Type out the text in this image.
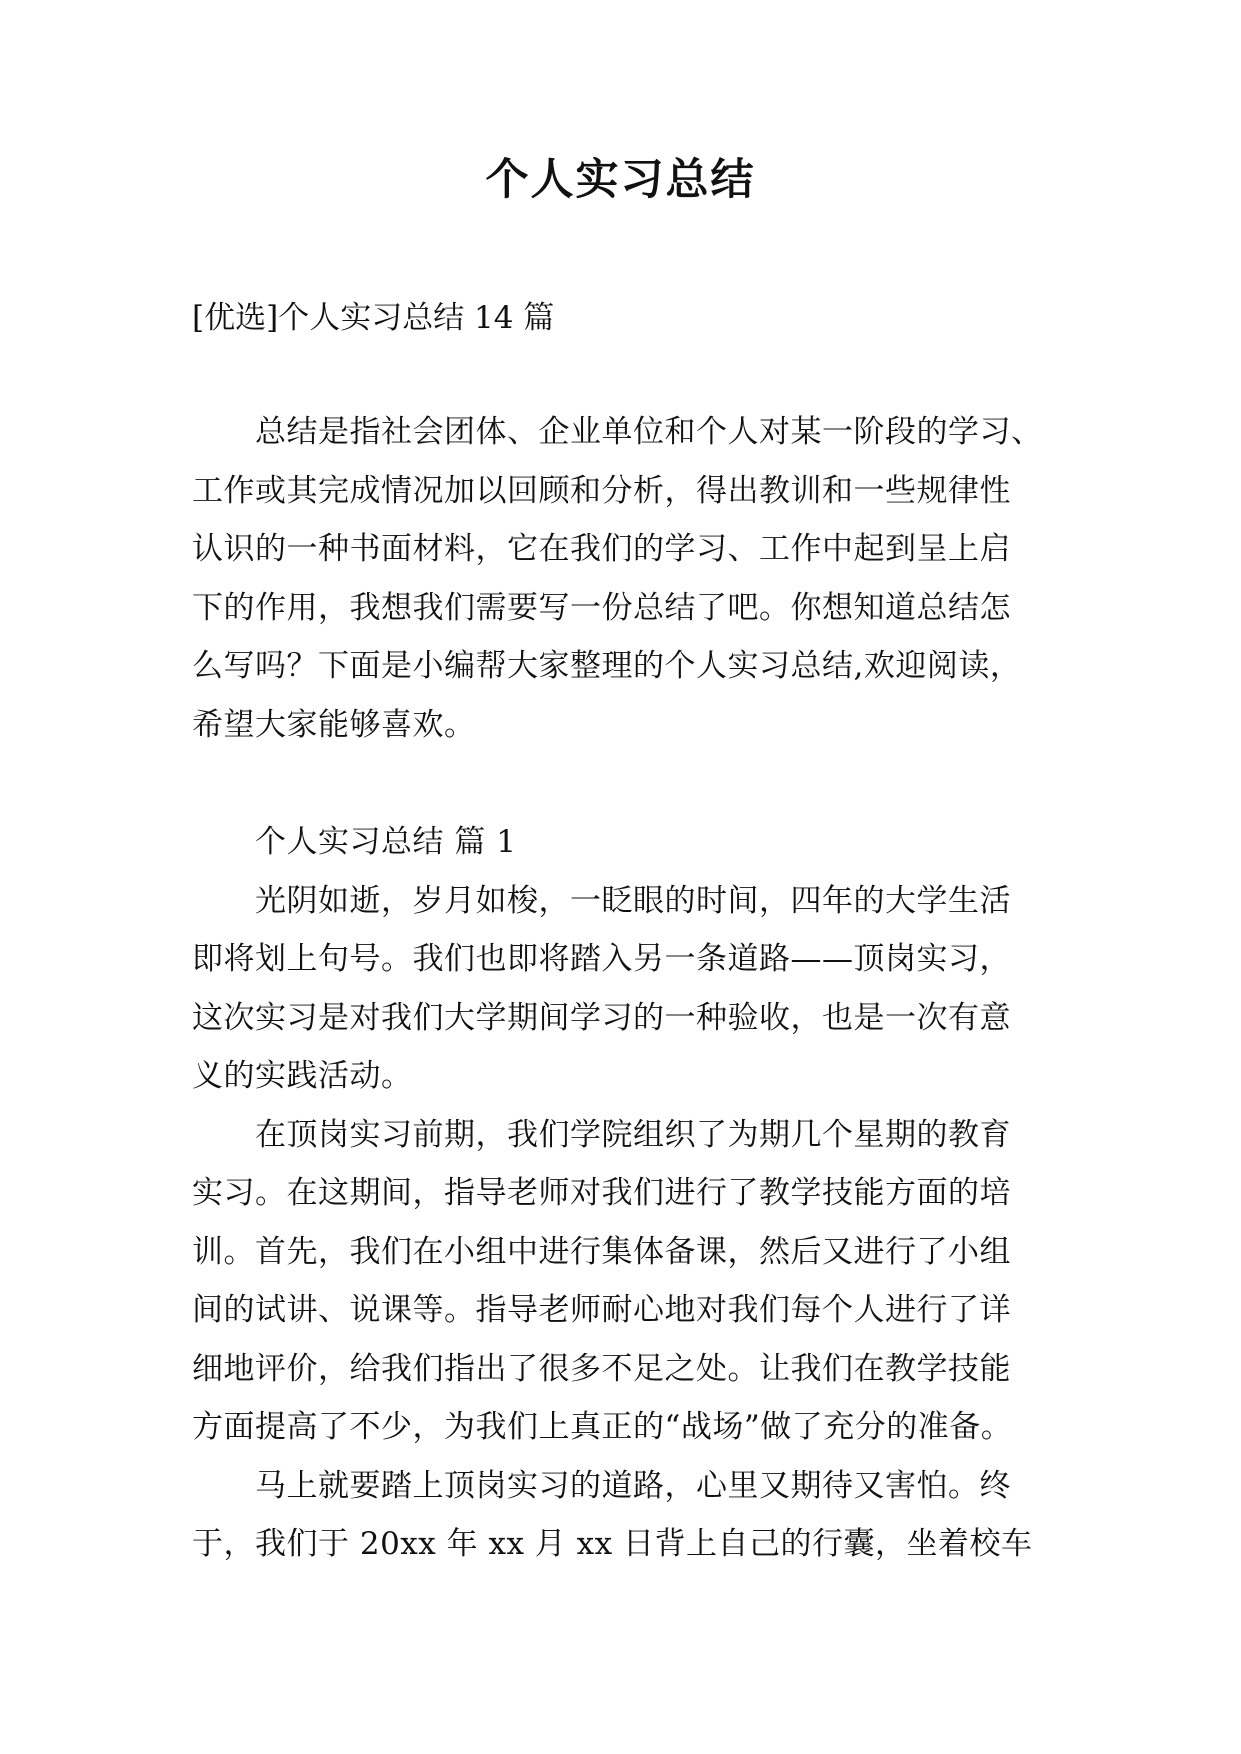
个人实习总结
[优选]个人实习总结 14 篇
　　总结是指社会团体、企业单位和个人对某一阶段的学习、
工作或其完成情况加以回顾和分析，得出教训和一些规律性
认识的一种书面材料，它在我们的学习、工作中起到呈上启
下的作用，我想我们需要写一份总结了吧。你想知道总结怎
么写吗？下面是小编帮大家整理的个人实习总结,欢迎阅读，
希望大家能够喜欢。
　　个人实习总结 篇 1
　　光阴如逝，岁月如梭，一眨眼的时间，四年的大学生活
即将划上句号。我们也即将踏入另一条道路——顶岗实习，
这次实习是对我们大学期间学习的一种验收，也是一次有意
义的实践活动。
　　在顶岗实习前期，我们学院组织了为期几个星期的教育
实习。在这期间，指导老师对我们进行了教学技能方面的培
训。首先，我们在小组中进行集体备课，然后又进行了小组
间的试讲、说课等。指导老师耐心地对我们每个人进行了详
细地评价，给我们指出了很多不足之处。让我们在教学技能
方面提高了不少，为我们上真正的“战场”做了充分的准备。
　　马上就要踏上顶岗实习的道路，心里又期待又害怕。终
于，我们于 20xx 年 xx 月 xx 日背上自己的行囊，坐着校车
